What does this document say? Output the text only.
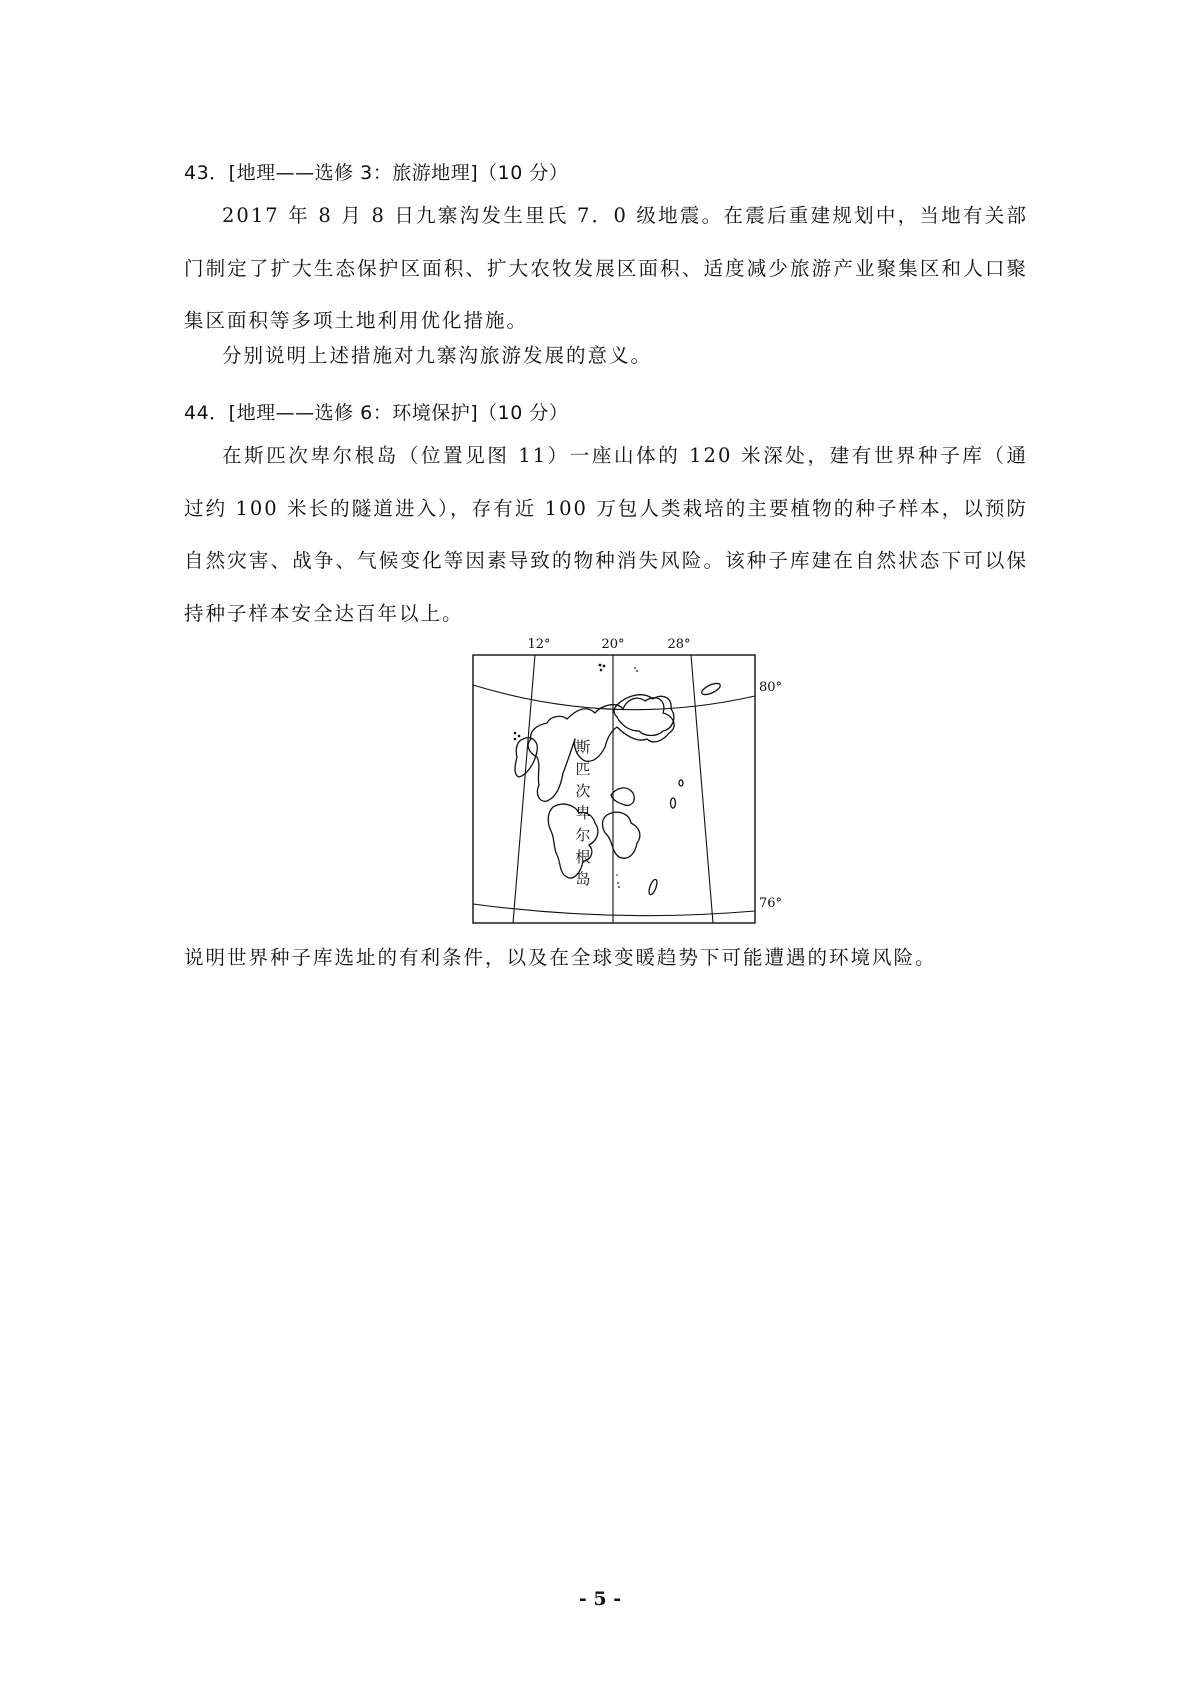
43．[地理——选修 3：旅游地理]（10 分）

2017 年 8 月 8 日九寨沟发生里氏 7．0 级地震。在震后重建规划中，当地有关部门制定了扩大生态保护区面积、扩大农牧发展区面积、适度减少旅游产业聚集区和人口聚集区面积等多项土地利用优化措施。

分别说明上述措施对九寨沟旅游发展的意义。

44．[地理——选修 6：环境保护]（10 分）

在斯匹次卑尔根岛（位置见图 11）一座山体的 120 米深处，建有世界种子库（通过约 100 米长的隧道进入），存有近 100 万包人类栽培的主要植物的种子样本，以预防自然灾害、战争、气候变化等因素导致的物种消失风险。该种子库建在自然状态下可以保持种子样本安全达百年以上。

12°	20°	28°
80°
76°
斯
匹
次
卑
尔
根
岛

说明世界种子库选址的有利条件，以及在全球变暖趋势下可能遭遇的环境风险。

- 5 -
